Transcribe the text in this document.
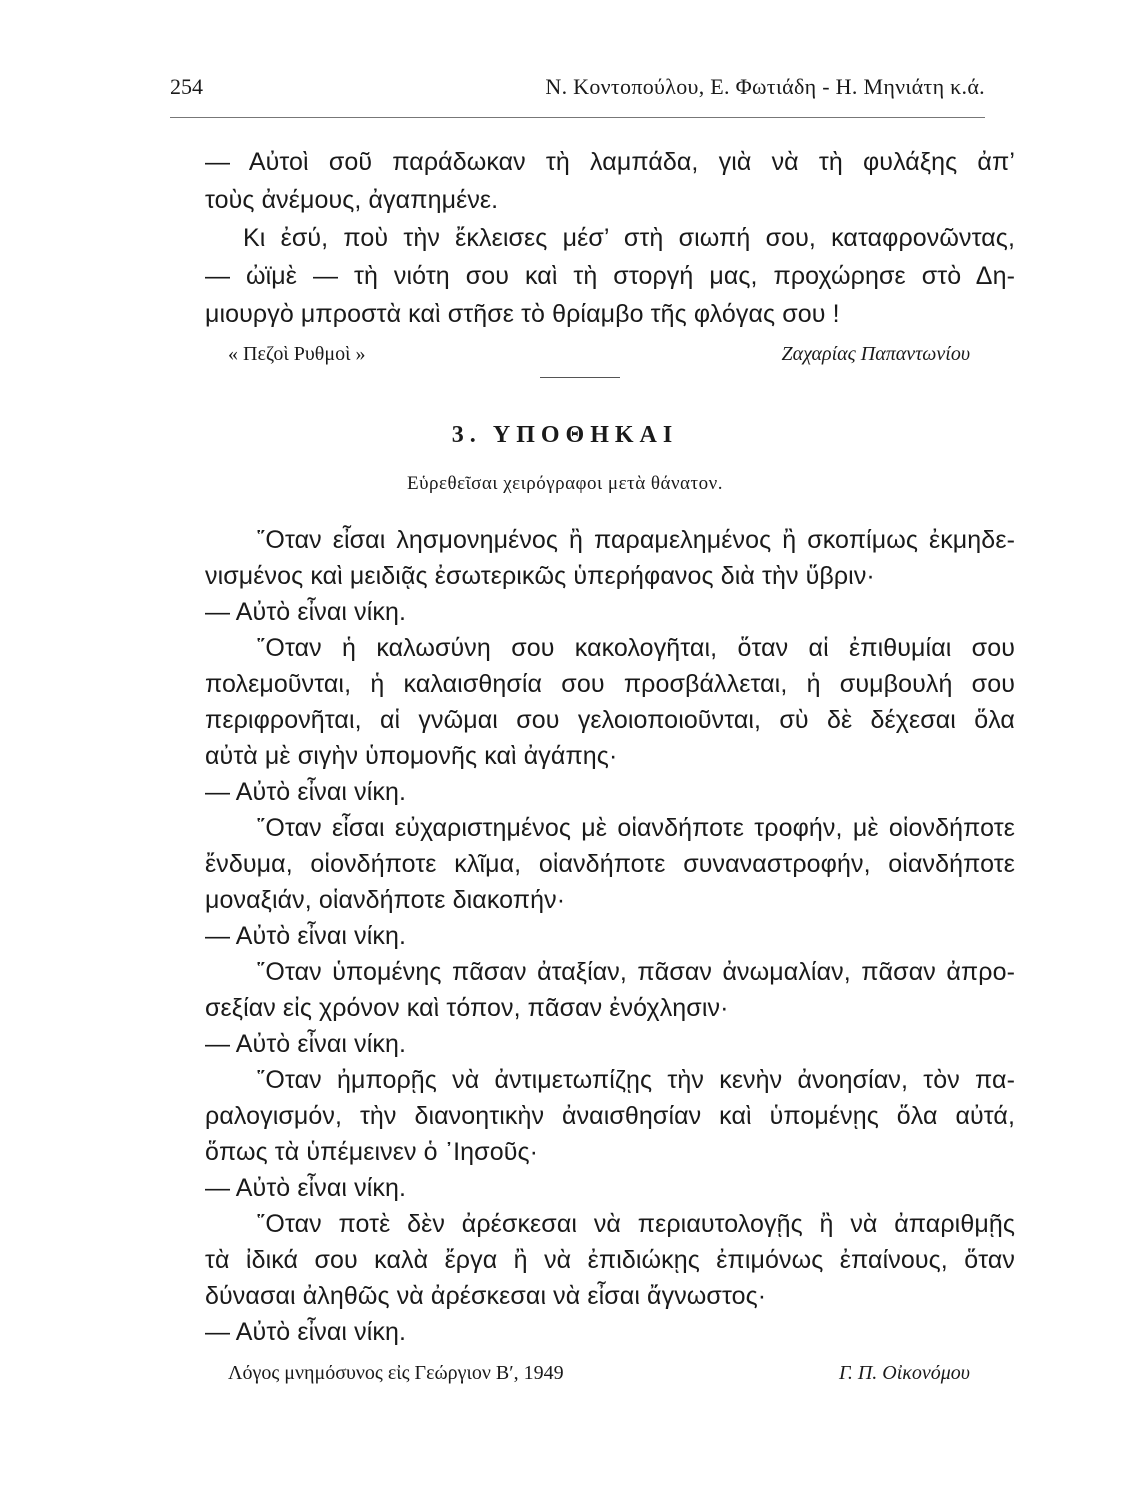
254	Ν. Κοντοπούλου, Ε. Φωτιάδη - Η. Μηνιάτη κ.ά.
— Αὐτοὶ σοῦ παράδωκαν τὴ λαμπάδα, γιὰ νὰ τὴ φυλάξης ἀπ’
τοὺς ἀνέμους, ἀγαπημένε.
Κι ἐσύ, ποὺ τὴν ἔκλεισες μέσ’ στὴ σιωπή σου, καταφρονῶντας,
— ὠϊμὲ — τὴ νιότη σου καὶ τὴ στοργή μας, προχώρησε στὸ Δη-
μιουργὸ μπροστὰ καὶ στῆσε τὸ θρίαμβο τῆς φλόγας σου !
« Πεζοὶ Ρυθμοὶ »	Ζαχαρίας Παπαντωνίου
3. ΥΠΟΘΗΚΑΙ
Εὑρεθεῖσαι χειρόγραφοι μετὰ θάνατον.
῞Οταν εἶσαι λησμονημένος ἢ παραμελημένος ἢ σκοπίμως ἐκμηδε-
νισμένος καὶ μειδιᾷς ἐσωτερικῶς ὑπερήφανος διὰ τὴν ὕβριν·
— Αὐτὸ εἶναι νίκη.
῞Οταν ἡ καλωσύνη σου κακολογῆται, ὅταν αἱ ἐπιθυμίαι σου
πολεμοῦνται, ἡ καλαισθησία σου προσβάλλεται, ἡ συμβουλή σου
περιφρονῆται, αἱ γνῶμαι σου γελοιοποιοῦνται, σὺ δὲ δέχεσαι ὅλα
αὐτὰ μὲ σιγὴν ὑπομονῆς καὶ ἀγάπης·
— Αὐτὸ εἶναι νίκη.
῞Οταν εἶσαι εὐχαριστημένος μὲ οἱανδήποτε τροφήν, μὲ οἱονδήποτε
ἔνδυμα, οἱονδήποτε κλῖμα, οἱανδήποτε συναναστροφήν, οἱανδήποτε
μοναξιάν, οἱανδήποτε διακοπήν·
— Αὐτὸ εἶναι νίκη.
῞Οταν ὑπομένης πᾶσαν ἀταξίαν, πᾶσαν ἀνωμαλίαν, πᾶσαν ἀπρο-
σεξίαν εἰς χρόνον καὶ τόπον, πᾶσαν ἐνόχλησιν·
— Αὐτὸ εἶναι νίκη.
῞Οταν ἠμπορῇς νὰ ἀντιμετωπίζῃς τὴν κενὴν ἀνοησίαν, τὸν πα-
ραλογισμόν, τὴν διανοητικὴν ἀναισθησίαν καὶ ὑπομένῃς ὅλα αὐτά,
ὅπως τὰ ὑπέμεινεν ὁ ᾿Ιησοῦς·
— Αὐτὸ εἶναι νίκη.
῞Οταν ποτὲ δὲν ἀρέσκεσαι νὰ περιαυτολογῇς ἢ νὰ ἀπαριθμῇς
τὰ ἰδικά σου καλὰ ἔργα ἢ νὰ ἐπιδιώκῃς ἐπιμόνως ἐπαίνους, ὅταν
δύνασαι ἀληθῶς νὰ ἀρέσκεσαι νὰ εἶσαι ἄγνωστος·
— Αὐτὸ εἶναι νίκη.
Λόγος μνημόσυνος εἰς Γεώργιον Β′, 1949	Γ. Π. Οἰκονόμου
